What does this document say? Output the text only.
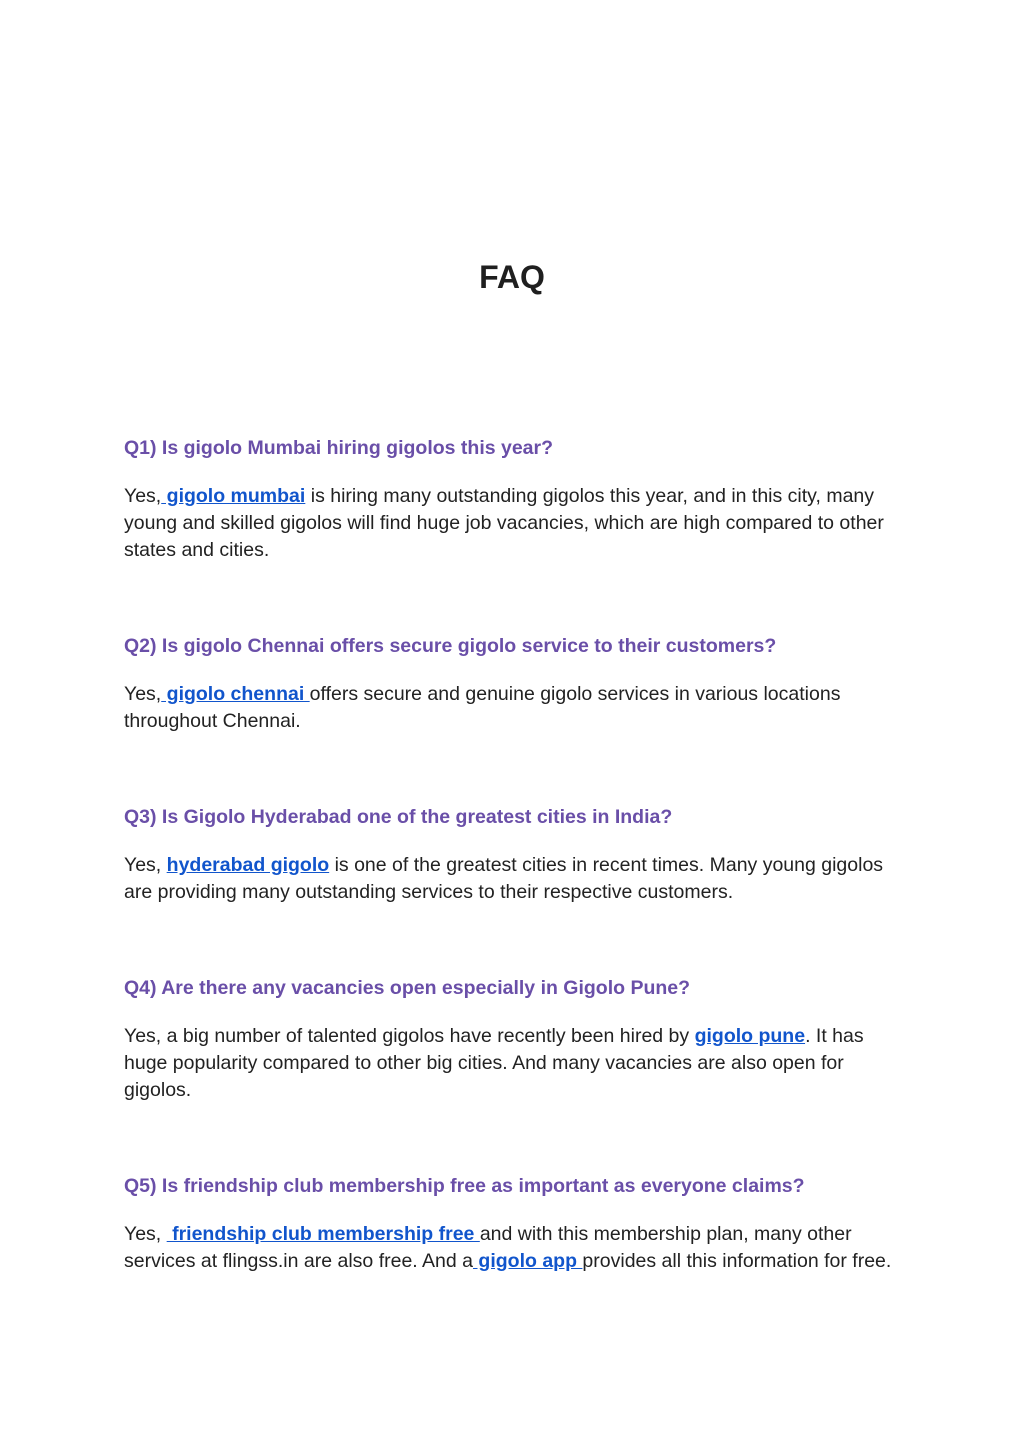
FAQ

Q1) Is gigolo Mumbai hiring gigolos this year?

Yes, gigolo mumbai is hiring many outstanding gigolos this year, and in this city, many young and skilled gigolos will find huge job vacancies, which are high compared to other states and cities.

Q2) Is gigolo Chennai offers secure gigolo service to their customers?

Yes, gigolo chennai offers secure and genuine gigolo services in various locations throughout Chennai.

Q3) Is Gigolo Hyderabad one of the greatest cities in India?

Yes, hyderabad gigolo is one of the greatest cities in recent times. Many young gigolos are providing many outstanding services to their respective customers.

Q4) Are there any vacancies open especially in Gigolo Pune?

Yes, a big number of talented gigolos have recently been hired by gigolo pune. It has huge popularity compared to other big cities. And many vacancies are also open for gigolos.

Q5) Is friendship club membership free as important as everyone claims?

Yes,  friendship club membership free and with this membership plan, many other services at flingss.in are also free. And a gigolo app provides all this information for free.
